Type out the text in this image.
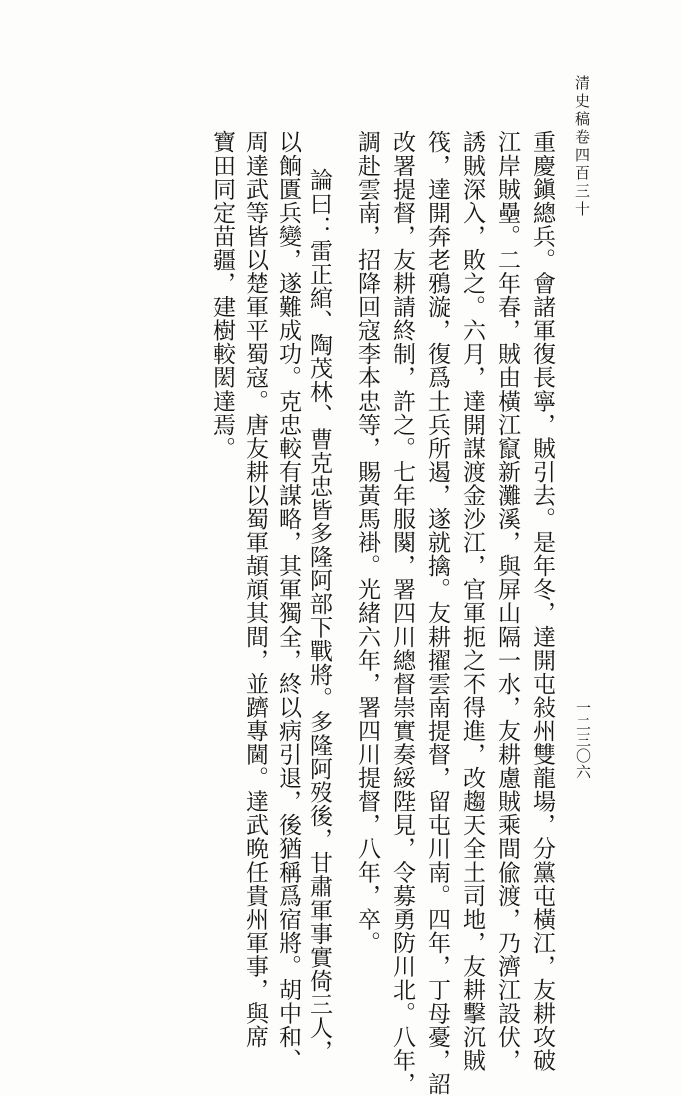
清史稿卷四百三十
一二三〇六
重慶鎭總兵。會諸軍復長寧，賊引去。是年冬，達開屯敍州雙龍場，分黨屯橫江，友耕攻破
江岸賊壘。二年春，賊由橫江竄新灘溪，與屏山隔一水，友耕慮賊乘間偸渡，乃濟江設伏，
誘賊深入，敗之。六月，達開謀渡金沙江，官軍扼之不得進，改趨天全土司地，友耕擊沉賊
筏，達開奔老鴉漩，復爲土兵所遏，遂就擒。友耕擢雲南提督，留屯川南。四年，丁母憂，詔
改署提督，友耕請終制，許之。七年服闋，署四川總督崇實奏綏陛見，令募勇防川北。八年，
調赴雲南，招降回寇李本忠等，賜黃馬褂。光緒六年，署四川提督，八年，卒。
論曰：雷正綰、陶茂林、曹克忠皆多隆阿部下戰將。多隆阿歿後，甘肅軍事實倚三人，
以餉匱兵變，遂難成功。克忠較有謀略，其軍獨全，終以病引退，後猶稱爲宿將。胡中和、
周達武等皆以楚軍平蜀寇。唐友耕以蜀軍頡頏其間，並躋專閫。達武晩任貴州軍事，與席
寶田同定苗疆，建樹較閎達焉。
